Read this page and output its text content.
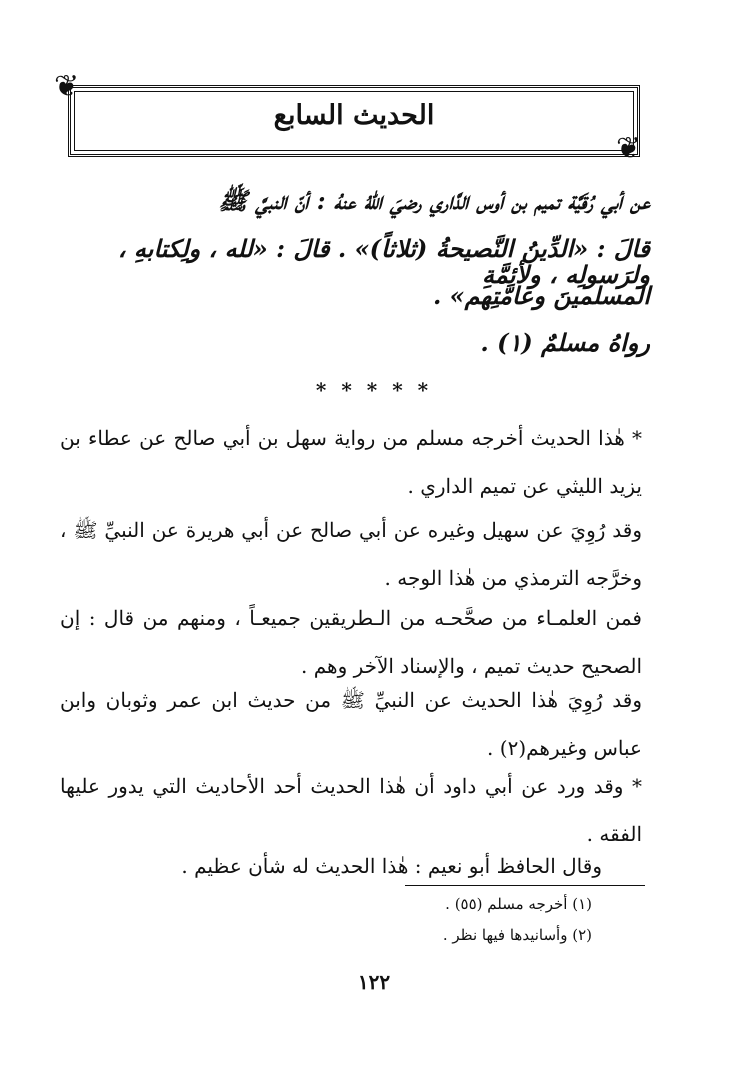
❦
❦
الحديث السابع
عن أبي رُقَيَّة تميم بن أوس الدَّاري رضيَ اللهُ عنهُ : أنّ النبيَّ ﷺ
قالَ : «الدِّينُ النَّصيحةُ (ثلاثاً)» . قالَ : «لله ، ولِكتابهِ ، ولرَسولِه ، ولأئمَّةِ
المسلمينَ وعامَّتِهم» .
رواهُ مسلمٌ (١) .
* * * * *
* هٰذا الحديث أخرجه مسلم من رواية سهل بن أبي صالح عن عطاء بن يزيد الليثي عن تميم الداري .
وقد رُوِيَ عن سهيل وغيره عن أبي صالح عن أبي هريرة عن النبيِّ ﷺ ، وخرَّجه الترمذي من هٰذا الوجه .
فمن العلمـاء من صحَّحـه من الـطريقين جميعـاً ، ومنهم من قال : إن الصحيح حديث تميم ، والإسناد الآخر وهم .
وقد رُوِيَ هٰذا الحديث عن النبيِّ ﷺ من حديث ابن عمر وثوبان وابن عباس وغيرهم(٢) .
* وقد ورد عن أبي داود أن هٰذا الحديث أحد الأحاديث التي يدور عليها الفقه .
وقال الحافظ أبو نعيم : هٰذا الحديث له شأن عظيم .
(١) أخرجه مسلم (٥٥) .
(٢) وأسانيدها فيها نظر .
١٢٢
